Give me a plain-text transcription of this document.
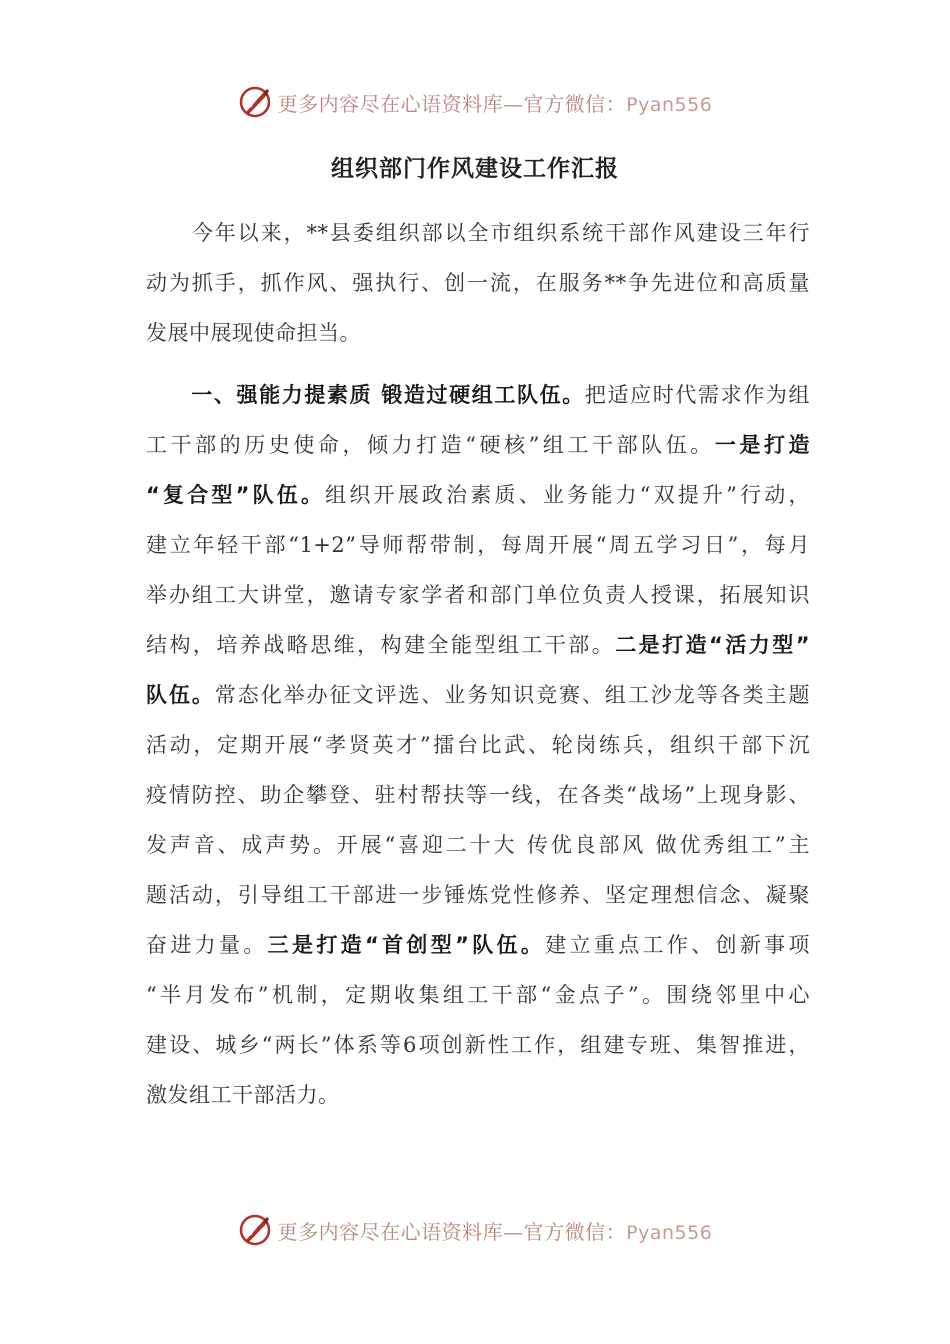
更多内容尽在心语资料库—官方微信：Pyan556
组织部门作风建设工作汇报
　　今年以来，**县委组织部以全市组织系统干部作风建设三年行
动为抓手，抓作风、强执行、创一流，在服务**争先进位和高质量
发展中展现使命担当。
　　一、强能力提素质 锻造过硬组工队伍。把适应时代需求作为组
工干部的历史使命，倾力打造“硬核”组工干部队伍。一是打造
“复合型”队伍。组织开展政治素质、业务能力“双提升”行动，
建立年轻干部“1+2”导师帮带制，每周开展“周五学习日”，每月
举办组工大讲堂，邀请专家学者和部门单位负责人授课，拓展知识
结构，培养战略思维，构建全能型组工干部。二是打造“活力型”
队伍。常态化举办征文评选、业务知识竞赛、组工沙龙等各类主题
活动，定期开展“孝贤英才”擂台比武、轮岗练兵，组织干部下沉
疫情防控、助企攀登、驻村帮扶等一线，在各类“战场”上现身影、
发声音、成声势。开展“喜迎二十大 传优良部风 做优秀组工”主
题活动，引导组工干部进一步锤炼党性修养、坚定理想信念、凝聚
奋进力量。三是打造“首创型”队伍。建立重点工作、创新事项
“半月发布”机制，定期收集组工干部“金点子”。围绕邻里中心
建设、城乡“两长”体系等6项创新性工作，组建专班、集智推进，
激发组工干部活力。
更多内容尽在心语资料库—官方微信：Pyan556
